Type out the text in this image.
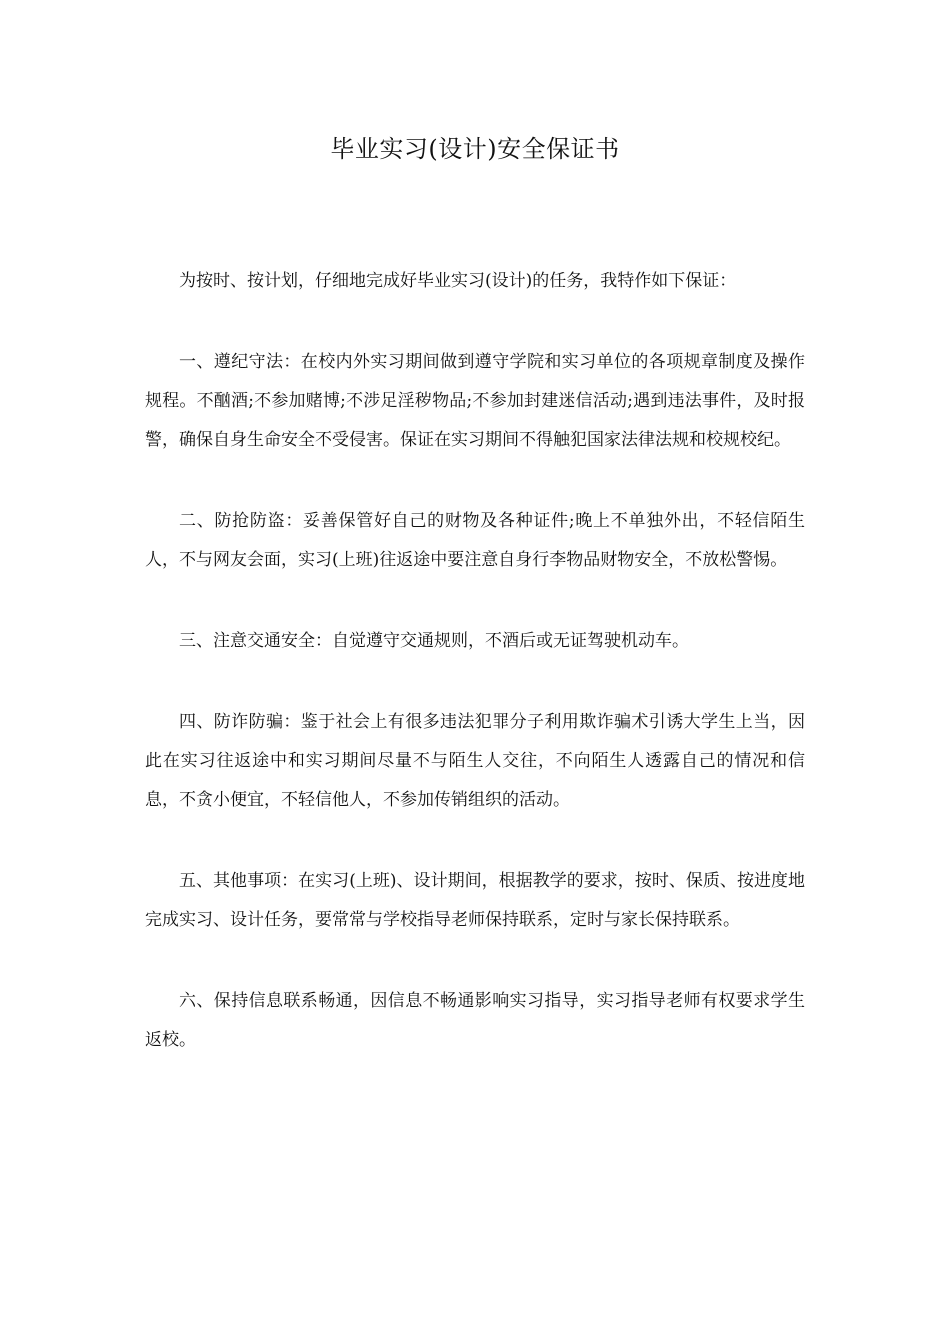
毕业实习(设计)安全保证书

为按时、按计划，仔细地完成好毕业实习(设计)的任务，我特作如下保证：

一、遵纪守法：在校内外实习期间做到遵守学院和实习单位的各项规章制度及操作规程。不酗酒;不参加赌博;不涉足淫秽物品;不参加封建迷信活动;遇到违法事件，及时报警，确保自身生命安全不受侵害。保证在实习期间不得触犯国家法律法规和校规校纪。

二、防抢防盗：妥善保管好自己的财物及各种证件;晚上不单独外出，不轻信陌生人，不与网友会面，实习(上班)往返途中要注意自身行李物品财物安全，不放松警惕。

三、注意交通安全：自觉遵守交通规则，不酒后或无证驾驶机动车。

四、防诈防骗：鉴于社会上有很多违法犯罪分子利用欺诈骗术引诱大学生上当，因此在实习往返途中和实习期间尽量不与陌生人交往，不向陌生人透露自己的情况和信息，不贪小便宜，不轻信他人，不参加传销组织的活动。

五、其他事项：在实习(上班)、设计期间，根据教学的要求，按时、保质、按进度地完成实习、设计任务，要常常与学校指导老师保持联系，定时与家长保持联系。

六、保持信息联系畅通，因信息不畅通影响实习指导，实习指导老师有权要求学生返校。
